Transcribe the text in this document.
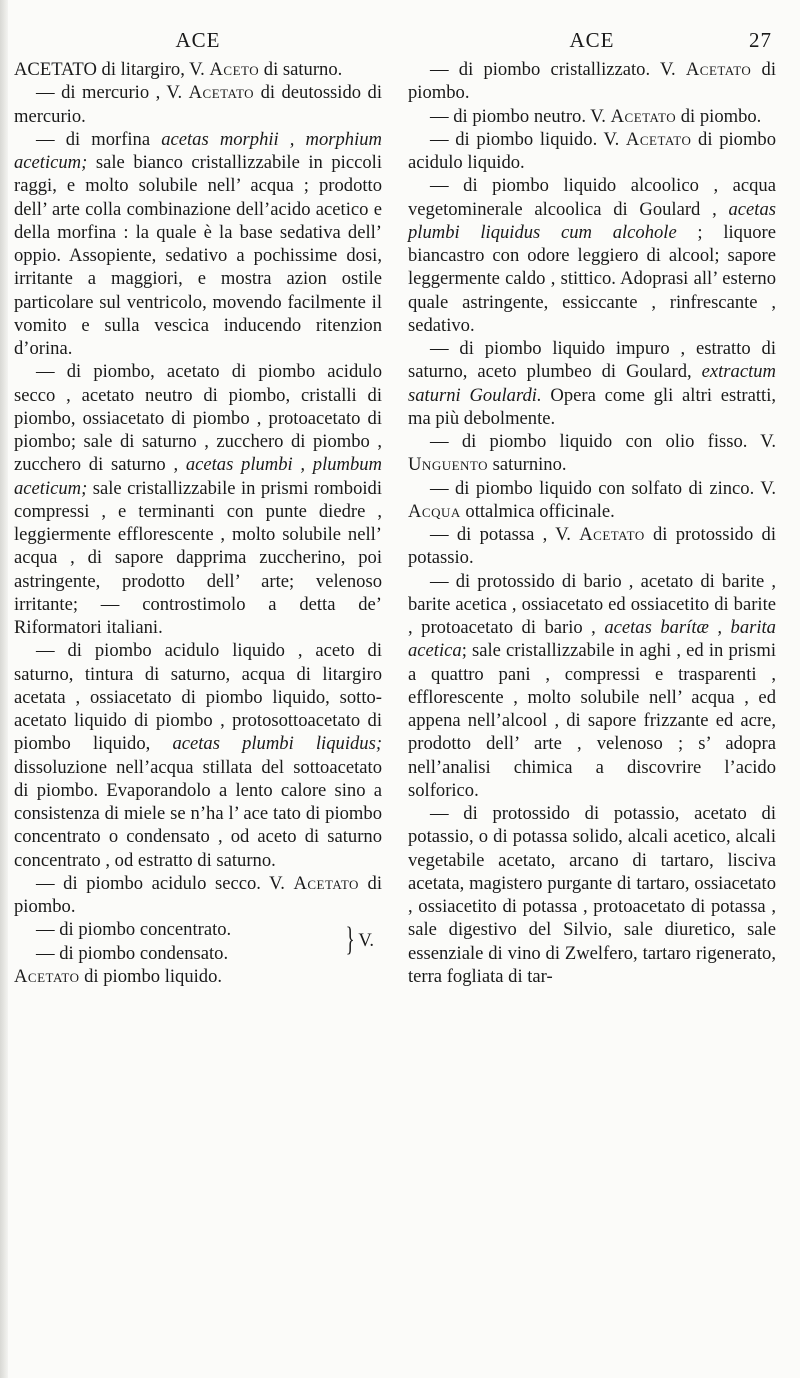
ACE

ACETATO di litargiro, V. Aceto di saturno.

— di mercurio , V. Acetato di deutossido di mercurio.

— di morfina acetas morphii , morphium aceticum; sale bianco cristallizzabile in piccoli raggi, e molto solubile nell’ acqua ; prodotto dell’ arte colla combinazione dell’acido acetico e della morfina : la quale è la base sedativa dell’ oppio. Assopiente, sedativo a pochissime dosi, irritante a maggiori, e mostra azion ostile particolare sul ventricolo, movendo facilmente il vomito e sulla vescica inducendo ritenzion d’orina.

— di piombo, acetato di piombo acidulo secco , acetato neutro di piombo, cristalli di piombo, ossiacetato di piombo , protoacetato di piombo; sale di saturno , zucchero di piombo , zucchero di saturno , acetas plumbi , plumbum aceticum; sale cristallizzabile in prismi romboidi compressi , e terminanti con punte diedre , leggiermente efflorescente , molto solubile nell’ acqua , di sapore dapprima zuccherino, poi astringente, prodotto dell’ arte; velenoso irritante; — controstimolo a detta de’ Riformatori italiani.

— di piombo acidulo liquido , aceto di saturno, tintura di saturno, acqua di litargiro acetata , ossiacetato di piombo liquido, sotto-acetato liquido di piombo , protosottoacetato di piombo liquido, acetas plumbi liquidus; dissoluzione nell’acqua stillata del sottoacetato di piombo. Evaporandolo a lento calore sino a consistenza di miele se n’ha l’ ace tato di piombo concentrato o condensato , od aceto di saturno concentrato , od estratto di saturno.

— di piombo acidulo secco. V. Acetato di piombo.

— di piombo concentrato.

— di piombo condensato.	} V.

Acetato di piombo liquido.

ACE	27

— di piombo cristallizzato. V. Acetato di piombo.

— di piombo neutro. V. Acetato di piombo.

— di piombo liquido. V. Acetato di piombo acidulo liquido.

— di piombo liquido alcoolico , acqua vegetominerale alcoolica di Goulard , acetas plumbi liquidus cum alcohole ; liquore biancastro con odore leggiero di alcool; sapore leggermente caldo , stittico. Adoprasi all’ esterno quale astringente, essiccante , rinfrescante , sedativo.

— di piombo liquido impuro , estratto di saturno, aceto plumbeo di Goulard, extractum saturni Goulardi. Opera come gli altri estratti, ma più debolmente.

— di piombo liquido con olio fisso. V. Unguento saturnino.

— di piombo liquido con solfato di zinco. V. Acqua ottalmica officinale.

— di potassa , V. Acetato di protossido di potassio.

— di protossido di bario , acetato di barite , barite acetica , ossiacetato ed ossiacetito di barite , protoacetato di bario , acetas barítæ , barita acetica; sale cristallizzabile in aghi , ed in prismi a quattro pani , compressi e trasparenti , efflorescente , molto solubile nell’ acqua , ed appena nell’alcool , di sapore frizzante ed acre, prodotto dell’ arte , velenoso ; s’ adopra nell’analisi chimica a discovrire l’acido solforico.

— di protossido di potassio, acetato di potassio, o di potassa solido, alcali acetico, alcali vegetabile acetato, arcano di tartaro, lisciva acetata, magistero purgante di tartaro, ossiacetato , ossiacetito di potassa , protoacetato di potassa , sale digestivo del Silvio, sale diuretico, sale essenziale di vino di Zwelfero, tartaro rigenerato, terra fogliata di tar-
